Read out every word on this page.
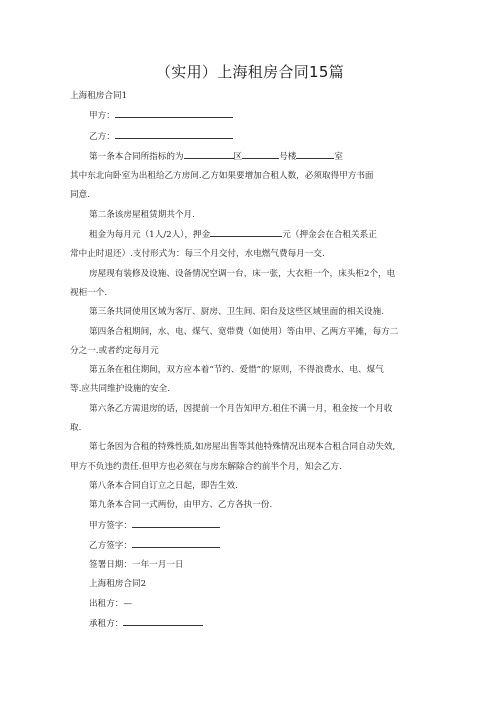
（实用）上海租房合同15篇

上海租房合同1

甲方：

乙方：

第一条本合同所指标的为	区	号楼	室

其中东北向卧室为出租给乙方房间.乙方如果要增加合租人数，必须取得甲方书面

同意.

第二条该房屋租赁期共个月.

租金为每月元（1人/2人），押金	元（押金会在合租关系正

常中止时退还）.支付形式为：每三个月交付，水电燃气费每月一交.

房屋现有装修及设施、设备情况空调一台，床一张，大衣柜一个，床头柜2个，电

视柜一个.

第三条共同使用区域为客厅、厨房、卫生间、阳台及这些区域里面的相关设施.

第四条合租期间，水、电、煤气、宽带费（如使用）等由甲、乙两方平摊，每方二

分之一.或者约定每月元

第五条在租住期间，双方应本着“节约、爱惜”的'原则，不得浪费水、电、煤气

等.应共同维护设施的安全.

第六条乙方需退房的话，因提前一个月告知甲方.租住不满一月，租金按一个月收

取.

第七条因为合租的特殊性质,如房屋出售等其他特殊情况出现本合租合同自动失效,

甲方不负违约责任.但甲方也必须在与房东解除合约前半个月，知会乙方.

第八条本合同自订立之日起，即告生效.

第九条本合同一式两份，由甲方、乙方各执一份.

甲方签字：

乙方签字：

签署日期：一年一月一日

上海租房合同2

出租方：—

承租方：
